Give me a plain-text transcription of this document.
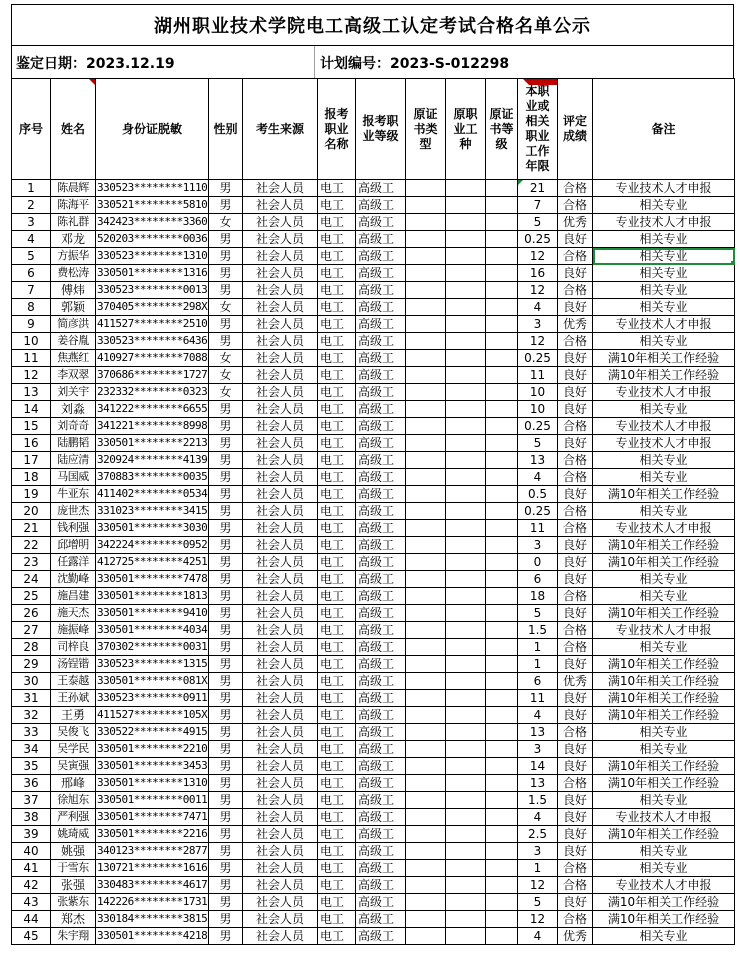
湖州职业技术学院电工高级工认定考试合格名单公示
鉴定日期：2023.12.19	计划编号：2023-S-012298
序号	姓名	身份证脱敏	性别	考生来源	报考职业名称	报考职业等级	原证书类型	原职业工种	原证书等级	本职业或相关职业工作年限	评定成绩	备注
1	陈晨辉	330523********1110	男	社会人员	电工	高级工				21	合格	专业技术人才申报
2	陈海平	330521********5810	男	社会人员	电工	高级工				7	合格	相关专业
3	陈礼群	342423********3360	女	社会人员	电工	高级工				5	优秀	专业技术人才申报
4	邓龙	520203********0036	男	社会人员	电工	高级工				0.25	良好	相关专业
5	方振华	330523********1310	男	社会人员	电工	高级工				12	合格	相关专业

6	费松涛	330501********1316	男	社会人员	电工	高级工				16	良好	相关专业
7	傅炜	330523********0013	男	社会人员	电工	高级工				12	合格	相关专业
8	郭颖	370405********298X	女	社会人员	电工	高级工				4	良好	相关专业
9	简彦洪	411527********2510	男	社会人员	电工	高级工				3	优秀	专业技术人才申报
10	姜谷胤	330523********6436	男	社会人员	电工	高级工				12	合格	相关专业
11	焦燕红	410927********7088	女	社会人员	电工	高级工				0.25	良好	满10年相关工作经验
12	李双翠	370686********1727	女	社会人员	电工	高级工				11	良好	满10年相关工作经验
13	刘关宇	232332********0323	女	社会人员	电工	高级工				10	良好	专业技术人才申报
14	刘淼	341222********6655	男	社会人员	电工	高级工				10	良好	相关专业
15	刘奇奇	341221********8998	男	社会人员	电工	高级工				0.25	合格	专业技术人才申报
16	陆鹏韬	330501********2213	男	社会人员	电工	高级工				5	良好	专业技术人才申报
17	陆应清	320924********4139	男	社会人员	电工	高级工				13	合格	相关专业
18	马国威	370883********0035	男	社会人员	电工	高级工				4	合格	相关专业
19	牛亚东	411402********0534	男	社会人员	电工	高级工				0.5	良好	满10年相关工作经验
20	庞世杰	331023********3415	男	社会人员	电工	高级工				0.25	合格	相关专业
21	钱利强	330501********3030	男	社会人员	电工	高级工				11	合格	专业技术人才申报
22	邱增明	342224********0952	男	社会人员	电工	高级工				3	良好	满10年相关工作经验
23	任露洋	412725********4251	男	社会人员	电工	高级工				0	良好	满10年相关工作经验
24	沈勤峰	330501********7478	男	社会人员	电工	高级工				6	良好	相关专业
25	施昌建	330501********1813	男	社会人员	电工	高级工				18	合格	相关专业
26	施天杰	330501********9410	男	社会人员	电工	高级工				5	良好	满10年相关工作经验
27	施振峰	330501********4034	男	社会人员	电工	高级工				1.5	合格	专业技术人才申报
28	司梓良	370302********0031	男	社会人员	电工	高级工				1	合格	相关专业
29	汤锃锴	330523********1315	男	社会人员	电工	高级工				1	良好	满10年相关工作经验
30	王泰越	330501********081X	男	社会人员	电工	高级工				6	优秀	满10年相关工作经验
31	王孙斌	330523********0911	男	社会人员	电工	高级工				11	良好	满10年相关工作经验
32	王勇	411527********105X	男	社会人员	电工	高级工				4	良好	满10年相关工作经验
33	吴俊飞	330522********4915	男	社会人员	电工	高级工				13	合格	相关专业
34	吴学民	330501********2210	男	社会人员	电工	高级工				3	良好	相关专业
35	吴寅强	330501********3453	男	社会人员	电工	高级工				14	良好	满10年相关工作经验
36	邢峰	330501********1310	男	社会人员	电工	高级工				13	合格	满10年相关工作经验
37	徐旭东	330501********0011	男	社会人员	电工	高级工				1.5	良好	相关专业
38	严利强	330501********7471	男	社会人员	电工	高级工				4	良好	专业技术人才申报
39	姚琦威	330501********2216	男	社会人员	电工	高级工				2.5	良好	满10年相关工作经验
40	姚强	340123********2877	男	社会人员	电工	高级工				3	良好	相关专业
41	于雪东	130721********1616	男	社会人员	电工	高级工				1	合格	相关专业
42	张强	330483********4617	男	社会人员	电工	高级工				12	合格	专业技术人才申报
43	张紫东	142226********1731	男	社会人员	电工	高级工				5	良好	满10年相关工作经验
44	郑杰	330184********3815	男	社会人员	电工	高级工				12	合格	满10年相关工作经验
45	朱宇翔	330501********4218	男	社会人员	电工	高级工				4	优秀	相关专业
